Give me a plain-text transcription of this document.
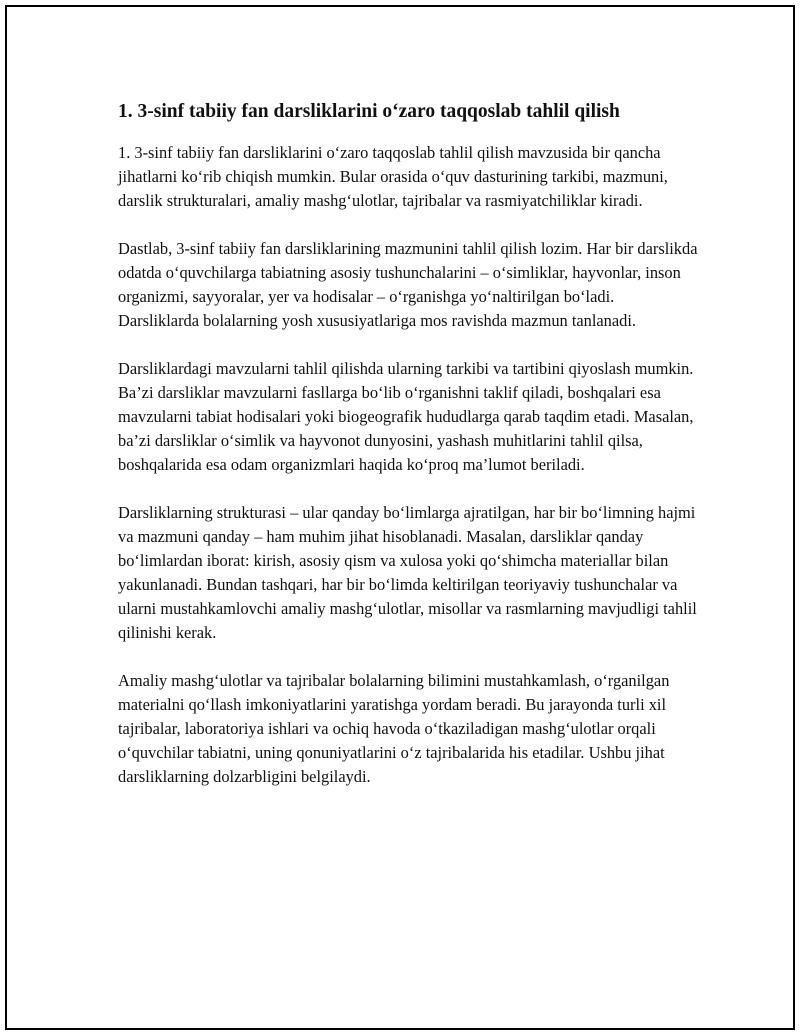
1. 3-sinf tabiiy fan darsliklarini o‘zaro taqqoslab tahlil qilish

1. 3-sinf tabiiy fan darsliklarini o‘zaro taqqoslab tahlil qilish mavzusida bir qancha jihatlarni ko‘rib chiqish mumkin. Bular orasida o‘quv dasturining tarkibi, mazmuni, darslik strukturalari, amaliy mashg‘ulotlar, tajribalar va rasmiyatchiliklar kiradi.

Dastlab, 3-sinf tabiiy fan darsliklarining mazmunini tahlil qilish lozim. Har bir darslikda odatda o‘quvchilarga tabiatning asosiy tushunchalarini – o‘simliklar, hayvonlar, inson organizmi, sayyoralar, yer va hodisalar – o‘rganishga yo‘naltirilgan bo‘ladi. Darsliklarda bolalarning yosh xususiyatlariga mos ravishda mazmun tanlanadi.

Darsliklardagi mavzularni tahlil qilishda ularning tarkibi va tartibini qiyoslash mumkin. Ba’zi darsliklar mavzularni fasllarga bo‘lib o‘rganishni taklif qiladi, boshqalari esa mavzularni tabiat hodisalari yoki biogeografik hududlarga qarab taqdim etadi. Masalan, ba’zi darsliklar o‘simlik va hayvonot dunyosini, yashash muhitlarini tahlil qilsa, boshqalarida esa odam organizmlari haqida ko‘proq ma’lumot beriladi.

Darsliklarning strukturasi – ular qanday bo‘limlarga ajratilgan, har bir bo‘limning hajmi va mazmuni qanday – ham muhim jihat hisoblanadi. Masalan, darsliklar qanday bo‘limlardan iborat: kirish, asosiy qism va xulosa yoki qo‘shimcha materiallar bilan yakunlanadi. Bundan tashqari, har bir bo‘limda keltirilgan teoriyaviy tushunchalar va ularni mustahkamlovchi amaliy mashg‘ulotlar, misollar va rasmlarning mavjudligi tahlil qilinishi kerak.

Amaliy mashg‘ulotlar va tajribalar bolalarning bilimini mustahkamlash, o‘rganilgan materialni qo‘llash imkoniyatlarini yaratishga yordam beradi. Bu jarayonda turli xil tajribalar, laboratoriya ishlari va ochiq havoda o‘tkaziladigan mashg‘ulotlar orqali o‘quvchilar tabiatni, uning qonuniyatlarini o‘z tajribalarida his etadilar. Ushbu jihat darsliklarning dolzarbligini belgilaydi.
